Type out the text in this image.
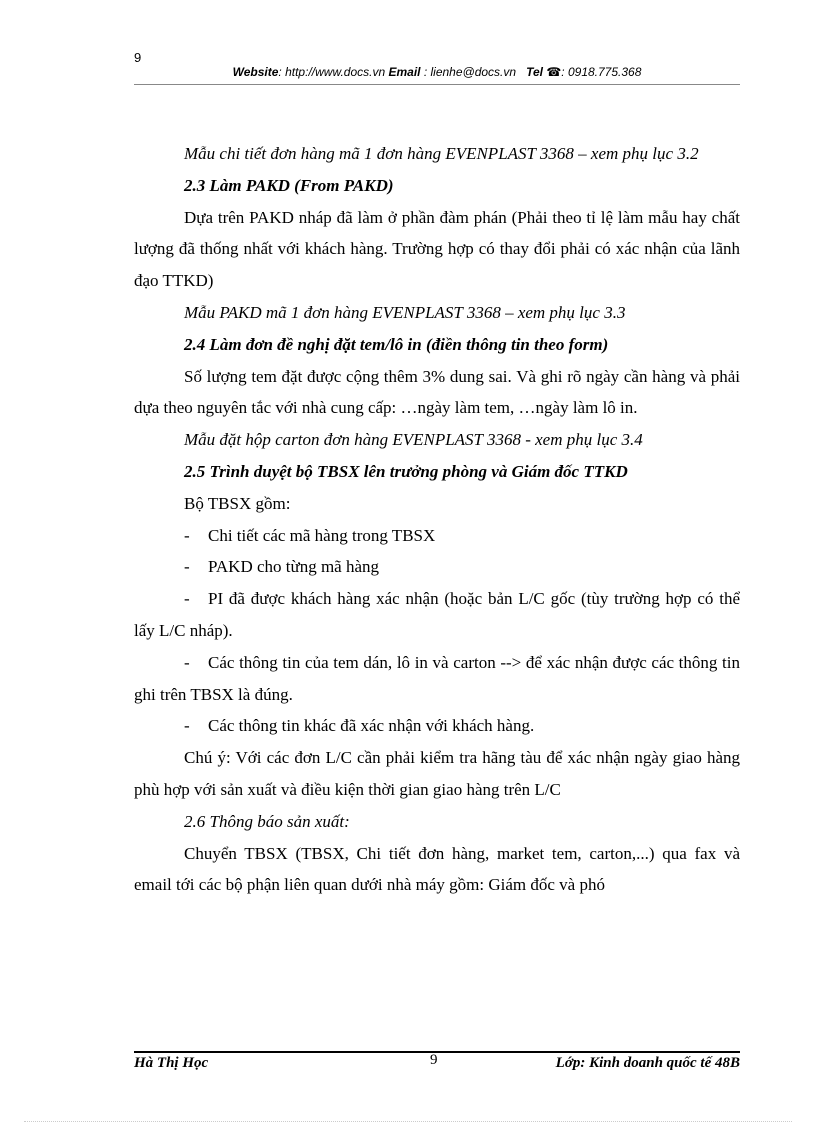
9
Website: http://www.docs.vn Email : lienhe@docs.vn Tel ☎: 0918.775.368

Mẫu chi tiết đơn hàng mã 1 đơn hàng EVENPLAST 3368 – xem phụ lục 3.2

2.3 Làm PAKD (From PAKD)

Dựa trên PAKD nháp đã làm ở phần đàm phán (Phải theo tỉ lệ làm mẫu hay chất lượng đã thống nhất với khách hàng. Trường hợp có thay đổi phải có xác nhận của lãnh đạo TTKD)

Mẫu PAKD mã 1 đơn hàng EVENPLAST 3368 – xem phụ lục 3.3

2.4 Làm đơn đề nghị đặt tem/lô in (điền thông tin theo form)

Số lượng tem đặt được cộng thêm 3% dung sai. Và ghi rõ ngày cần hàng và phải dựa theo nguyên tắc với nhà cung cấp: …ngày làm tem, …ngày làm lô in.

Mẫu đặt hộp carton đơn hàng EVENPLAST 3368 - xem phụ lục 3.4

2.5 Trình duyệt bộ TBSX lên trưởng phòng và Giám đốc TTKD

Bộ TBSX gồm:

- Chi tiết các mã hàng trong TBSX

- PAKD cho từng mã hàng

- PI đã được khách hàng xác nhận (hoặc bản L/C gốc (tùy trường hợp có thể lấy L/C nháp).

- Các thông tin của tem dán, lô in và carton --> để xác nhận được các thông tin ghi trên TBSX là đúng.

- Các thông tin khác đã xác nhận với khách hàng.

Chú ý: Với các đơn L/C cần phải kiểm tra hãng tàu để xác nhận ngày giao hàng phù hợp với sản xuất và điều kiện thời gian giao hàng trên L/C

2.6 Thông báo sản xuất:

Chuyển TBSX (TBSX, Chi tiết đơn hàng, market tem, carton,...) qua fax và email tới các bộ phận liên quan dưới nhà máy gồm: Giám đốc và phó

Hà Thị Học	9	Lớp: Kinh doanh quốc tế 48B
